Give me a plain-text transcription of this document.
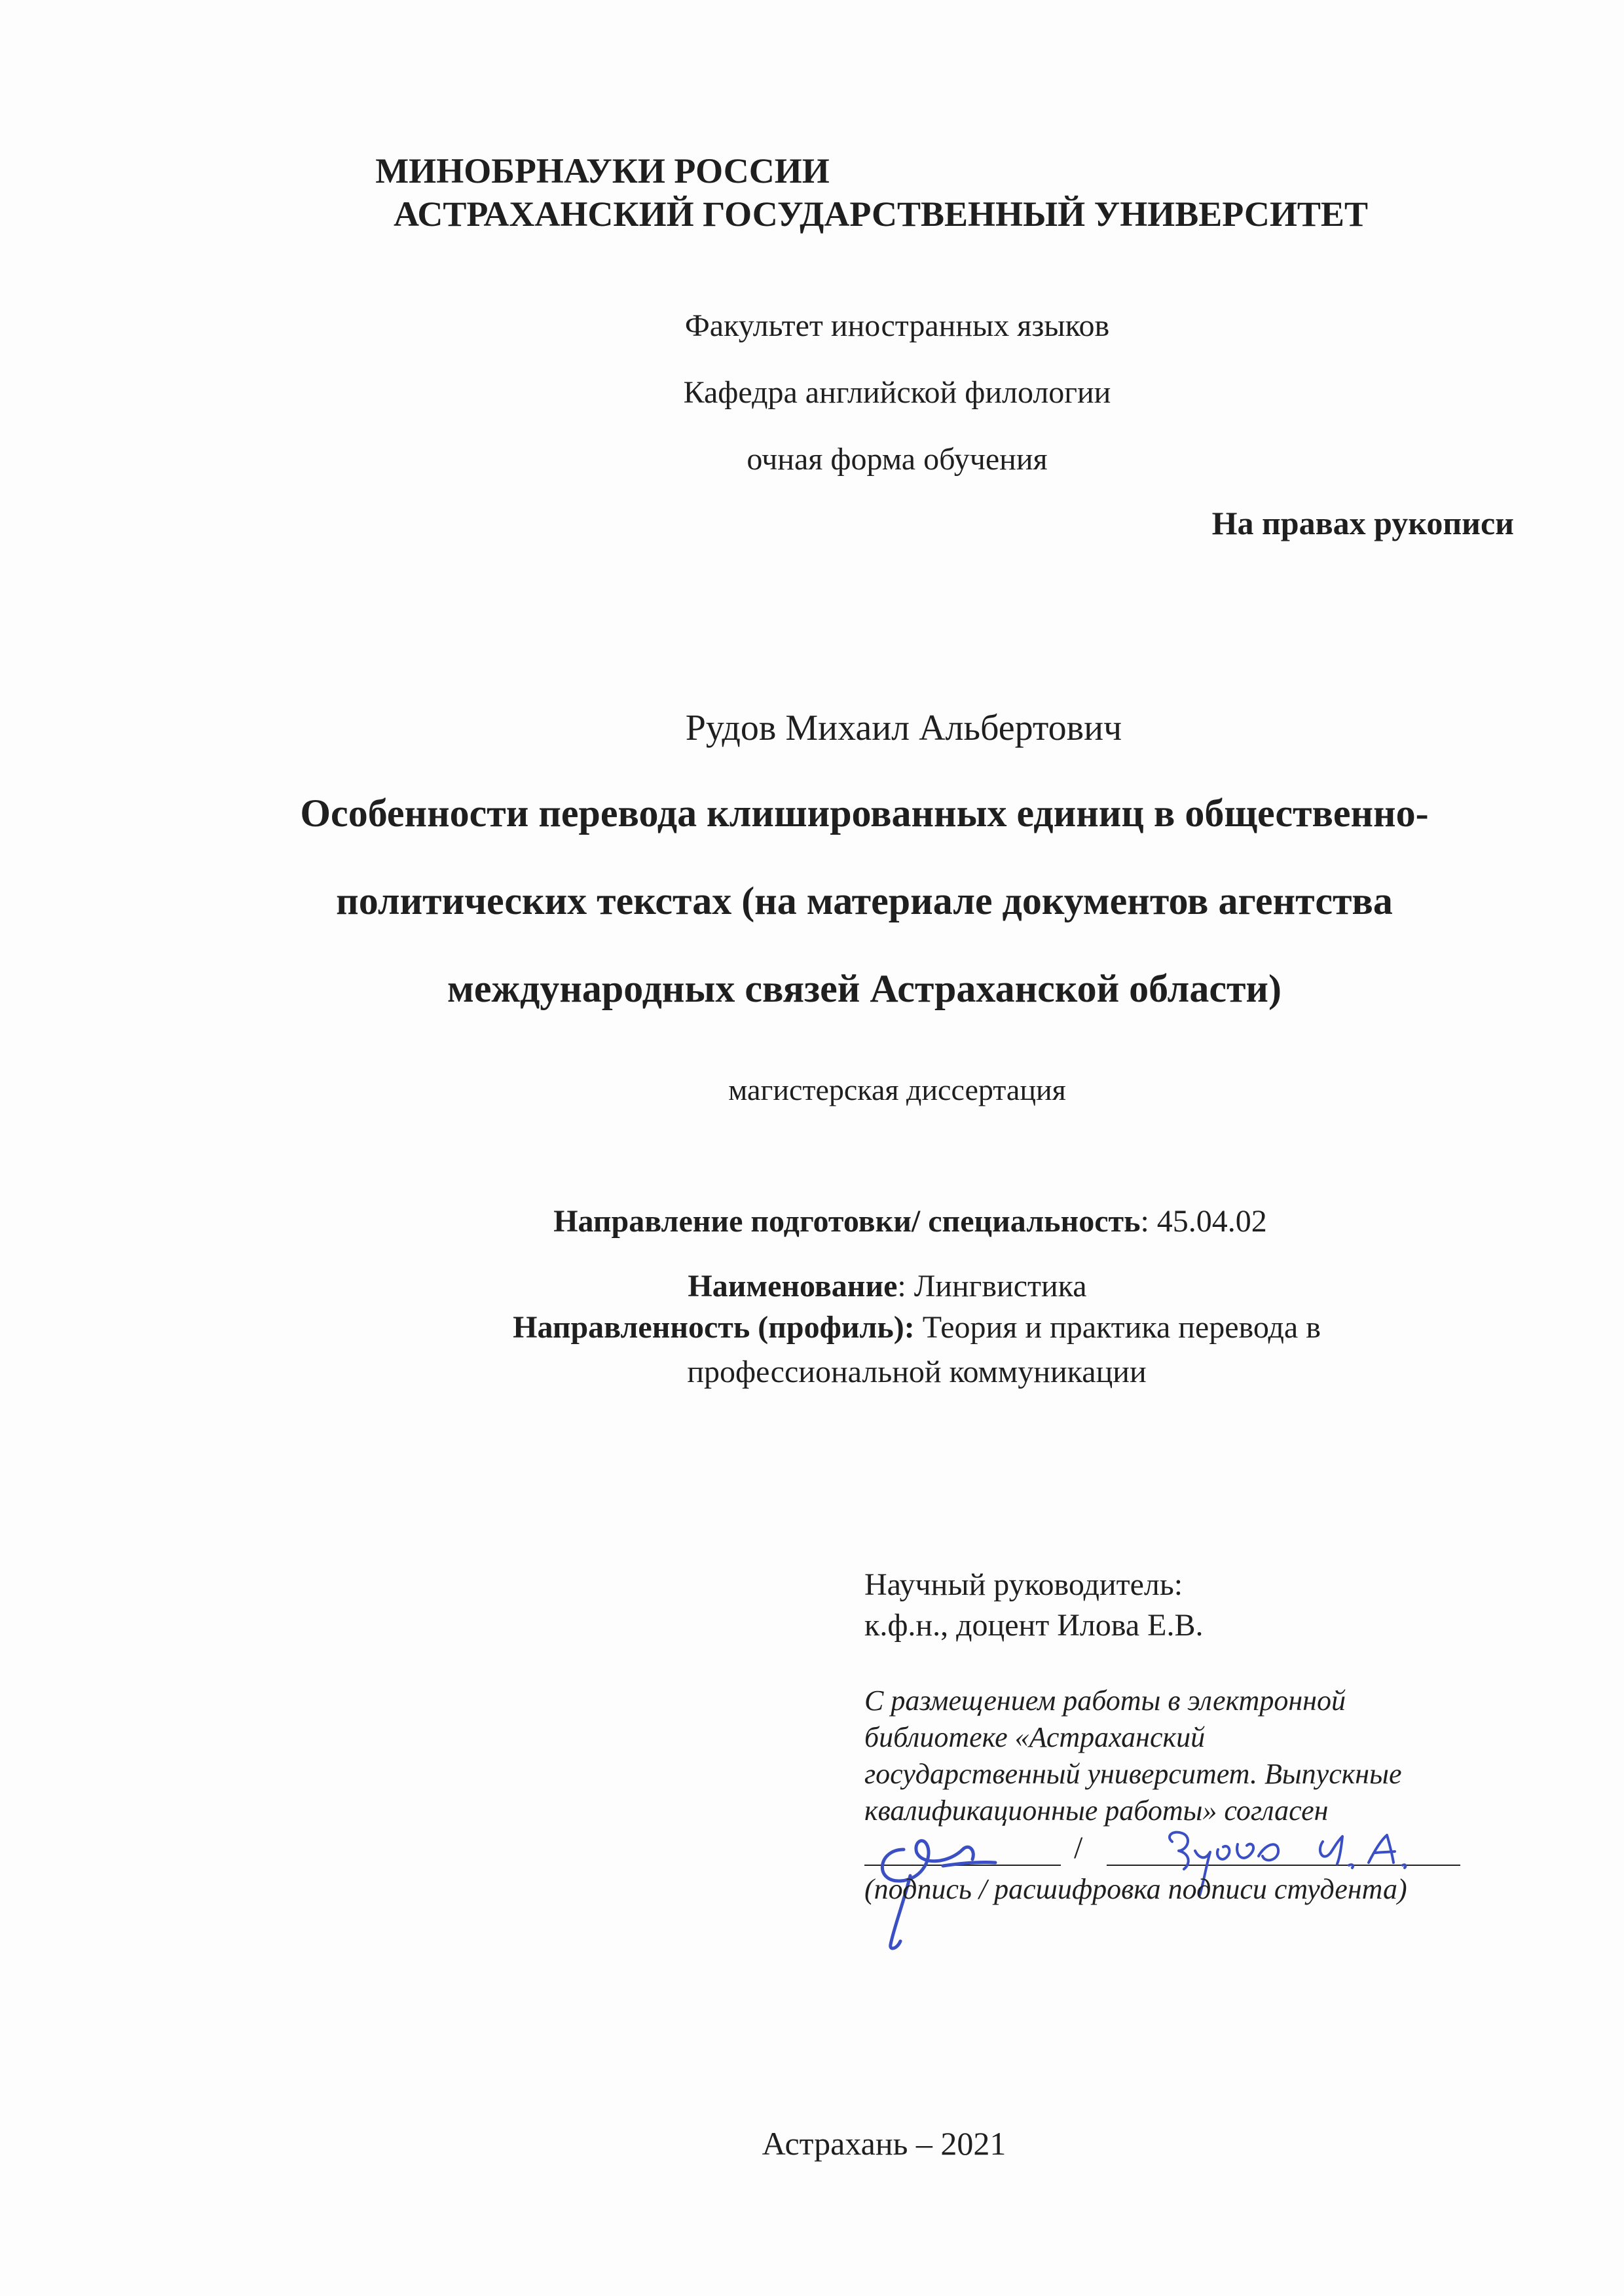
МИНОБРНАУКИ РОССИИ
АСТРАХАНСКИЙ ГОСУДАРСТВЕННЫЙ УНИВЕРСИТЕТ
Факультет иностранных языков
Кафедра английской филологии
очная форма обучения
На правах рукописи
Рудов Михаил Альбертович
Особенности перевода клишированных единиц в общественно-
политических текстах (на материале документов агентства
международных связей Астраханской области)
магистерская диссертация
Направление подготовки/ специальность: 45.04.02
Наименование: Лингвистика
Направленность (профиль): Теория и практика перевода в
профессиональной коммуникации
Научный руководитель:
к.ф.н., доцент Илова Е.В.
С размещением работы в электронной
библиотеке «Астраханский
государственный университет. Выпускные
квалификационные работы» согласен
/
(подпись / расшифровка подписи студента)
Астрахань – 2021
